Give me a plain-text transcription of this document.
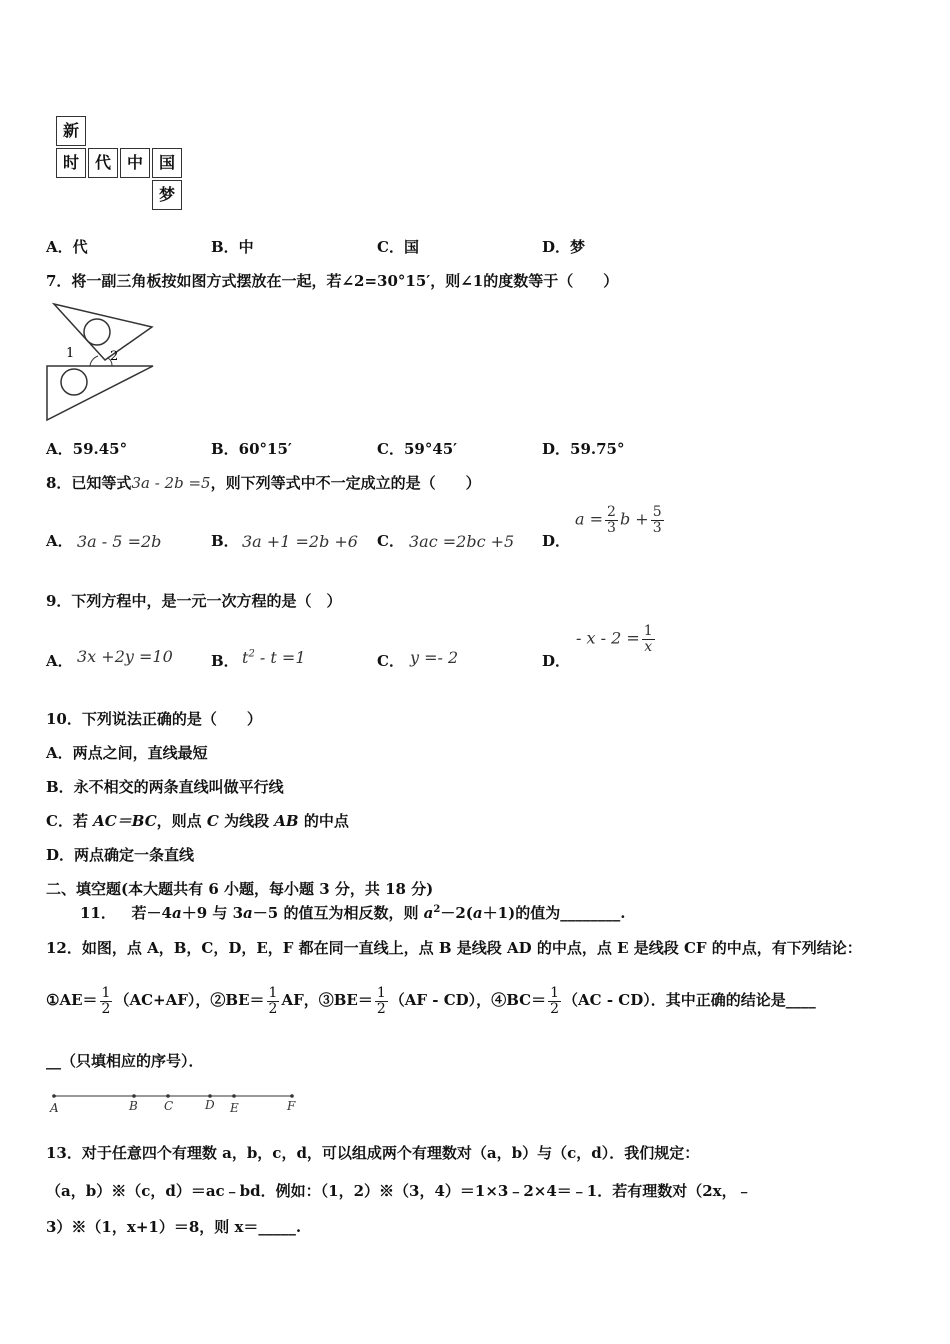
新
时 代 中 国
梦
A．代	B．中	C．国	D．梦
7．将一副三角板按如图方式摆放在一起，若∠2=30°15′，则∠1的度数等于（　　）
1	2
A．59.45°	B．60°15′	C．59°45′	D．59.75°
8．已知等式3a - 2b =5，则下列等式中不一定成立的是（　　）
A． 3a - 5 =2b	B． 3a +1 =2b +6 C． 3ac =2bc +5 D．
$a = \frac{2}{3}$ $b + \frac{5}{3}$
9．下列方程中，是一元一次方程的是（　）
A． 3x +2y =10	B． $t^2 - t =1$	C． y =- 2	D．
- $x - 2 = \frac{1}{x}$
10．下列说法正确的是（　　）
A．两点之间，直线最短
B．永不相交的两条直线叫做平行线
C．若 AC＝BC，则点 C 为线段 AB 的中点
D．两点确定一条直线
二、填空题(本大题共有 6 小题，每小题 3 分，共 18 分)
11． 若－4a＋9 与 3a－5 的值互为相反数，则 $a^2-2(a+1)$的值为________.
12．如图，点 A，B，C，D，E，F 都在同一直线上，点 B 是线段 AD 的中点，点 E 是线段 CF 的中点，有下列结论：
①AE＝ $\frac{1}{2} (AC+AF)$，②BE＝ $\frac{1}{2}$ AF，③BE＝ $\frac{1}{2} (AF - CD)$，④BC＝ $\frac{1}{2} (AC - CD)$．其中正确的结论是____
__（只填相应的序号）．
A	B C	D E	F
13．对于任意四个有理数 a，b，c，d，可以组成两个有理数对（a，b）与（c，d）．我们规定：
（a，b）※（c，d）＝ac﹣bd．例如：（1，2）※（3，4）＝1×3﹣2×4＝﹣1．若有理数对（2x，﹣
3）※（1，x+1）＝8，则 x＝_____.
